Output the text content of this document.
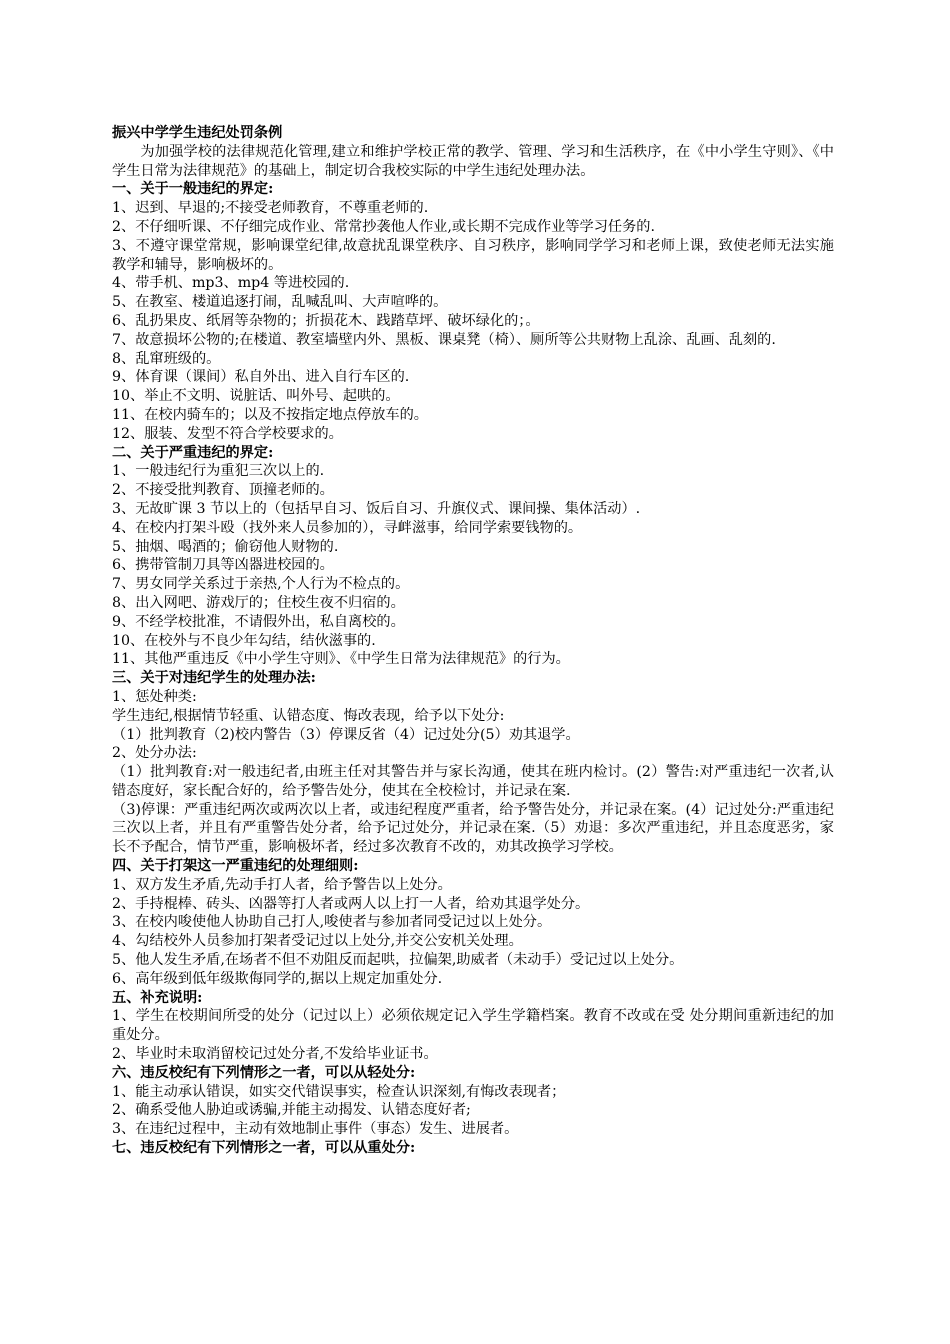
振兴中学学生违纪处罚条例
为加强学校的法律规范化管理,建立和维护学校正常的教学、管理、学习和生活秩序，在《中小学生守则》、《中学生日常为法律规范》的基础上，制定切合我校实际的中学生违纪处理办法。
一、关于一般违纪的界定:
1、迟到、早退的;不接受老师教育，不尊重老师的.
2、不仔细听课、不仔细完成作业、常常抄袭他人作业,或长期不完成作业等学习任务的.
3、不遵守课堂常规，影响课堂纪律,故意扰乱课堂秩序、自习秩序，影响同学学习和老师上课，致使老师无法实施教学和辅导，影响极坏的。
4、带手机、mp3、mp4 等进校园的.
5、在教室、楼道追逐打闹，乱喊乱叫、大声喧哗的。
6、乱扔果皮、纸屑等杂物的；折损花木、践踏草坪、破坏绿化的；。
7、故意损坏公物的;在楼道、教室墙壁内外、黑板、课桌凳（椅）、厕所等公共财物上乱涂、乱画、乱刻的.
8、乱窜班级的。
9、体育课（课间）私自外出、进入自行车区的.
10、举止不文明、说脏话、叫外号、起哄的。
11、在校内骑车的；以及不按指定地点停放车的。
12、服装、发型不符合学校要求的。
二、关于严重违纪的界定:
1、一般违纪行为重犯三次以上的.
2、不接受批判教育、顶撞老师的。
3、无故旷课 3 节以上的（包括早自习、饭后自习、升旗仪式、课间操、集体活动）.
4、在校内打架斗殴（找外来人员参加的），寻衅滋事，给同学索要钱物的。
5、抽烟、喝酒的；偷窃他人财物的.
6、携带管制刀具等凶器进校园的。
7、男女同学关系过于亲热,个人行为不检点的。
8、出入网吧、游戏厅的；住校生夜不归宿的。
9、不经学校批准，不请假外出，私自离校的。
10、在校外与不良少年勾结，结伙滋事的.
11、其他严重违反《中小学生守则》、《中学生日常为法律规范》的行为。
三、关于对违纪学生的处理办法:
1、惩处种类:
学生违纪,根据情节轻重、认错态度、悔改表现，给予以下处分:
（1）批判教育（2)校内警告（3）停课反省（4）记过处分(5）劝其退学。
2、处分办法:
（1）批判教育:对一般违纪者,由班主任对其警告并与家长沟通，使其在班内检讨。(2）警告:对严重违纪一次者,认错态度好，家长配合好的，给予警告处分，使其在全校检讨，并记录在案.
（3)停课：严重违纪两次或两次以上者，或违纪程度严重者，给予警告处分，并记录在案。(4）记过处分:严重违纪三次以上者，并且有严重警告处分者，给予记过处分，并记录在案.（5）劝退：多次严重违纪，并且态度恶劣，家长不予配合，情节严重，影响极坏者，经过多次教育不改的，劝其改换学习学校。
四、关于打架这一严重违纪的处理细则:
1、双方发生矛盾,先动手打人者，给予警告以上处分。
2、手持棍棒、砖头、凶器等打人者或两人以上打一人者，给劝其退学处分。
3、在校内唆使他人协助自己打人,唆使者与参加者同受记过以上处分。
4、勾结校外人员参加打架者受记过以上处分,并交公安机关处理。
5、他人发生矛盾,在场者不但不劝阻反而起哄，拉偏架,助威者（未动手）受记过以上处分。
6、高年级到低年级欺侮同学的,据以上规定加重处分.
五、补充说明:
1、学生在校期间所受的处分（记过以上）必须依规定记入学生学籍档案。教育不改或在受 处分期间重新违纪的加重处分。
2、毕业时未取消留校记过处分者,不发给毕业证书。
六、违反校纪有下列情形之一者，可以从轻处分:
1、能主动承认错误，如实交代错误事实，检查认识深刻,有悔改表现者；
2、确系受他人胁迫或诱骗,并能主动揭发、认错态度好者;
3、在违纪过程中，主动有效地制止事件（事态）发生、进展者。
七、违反校纪有下列情形之一者，可以从重处分:
